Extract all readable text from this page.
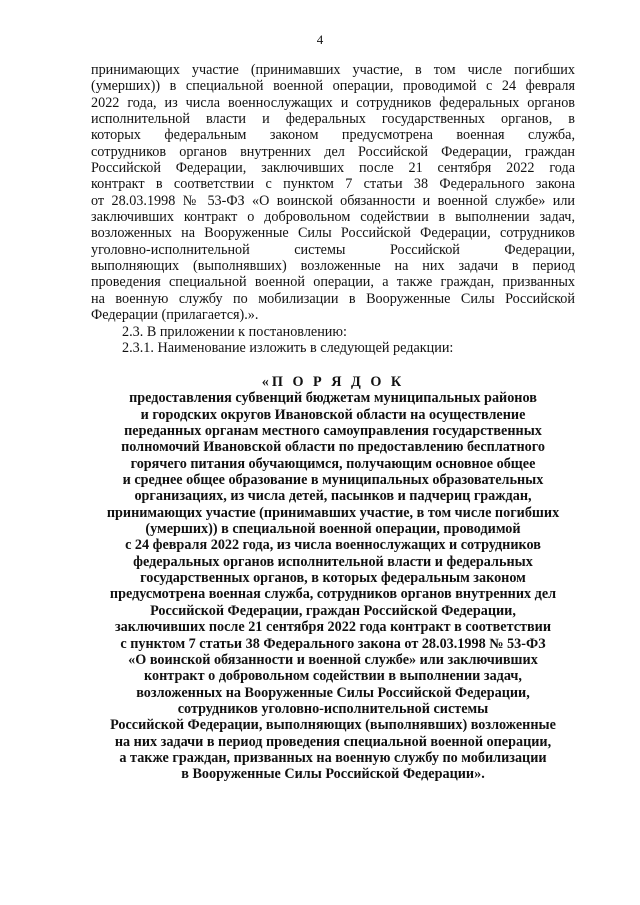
4
принимающих участие (принимавших участие, в том числе погибших
(умерших)) в специальной военной операции, проводимой с 24 февраля
2022 года, из числа военнослужащих и сотрудников федеральных органов
исполнительной власти и федеральных государственных органов, в
которых федеральным законом предусмотрена военная служба,
сотрудников органов внутренних дел Российской Федерации, граждан
Российской Федерации, заключивших после 21 сентября 2022 года
контракт в соответствии с пунктом 7 статьи 38 Федерального закона
от 28.03.1998 № 53-ФЗ «О воинской обязанности и военной службе» или
заключивших контракт о добровольном содействии в выполнении задач,
возложенных на Вооруженные Силы Российской Федерации, сотрудников
уголовно-исполнительной системы Российской Федерации,
выполняющих (выполнявших) возложенные на них задачи в период
проведения специальной военной операции, а также граждан, призванных
на военную службу по мобилизации в Вооруженные Силы Российской
Федерации (прилагается).».
2.3. В приложении к постановлению:
2.3.1. Наименование изложить в следующей редакции:
«П О Р Я Д О К
предоставления субвенций бюджетам муниципальных районов
и городских округов Ивановской области на осуществление
переданных органам местного самоуправления государственных
полномочий Ивановской области по предоставлению бесплатного
горячего питания обучающимся, получающим основное общее
и среднее общее образование в муниципальных образовательных
организациях, из числа детей, пасынков и падчериц граждан,
принимающих участие (принимавших участие, в том числе погибших
(умерших)) в специальной военной операции, проводимой
с 24 февраля 2022 года, из числа военнослужащих и сотрудников
федеральных органов исполнительной власти и федеральных
государственных органов, в которых федеральным законом
предусмотрена военная служба, сотрудников органов внутренних дел
Российской Федерации, граждан Российской Федерации,
заключивших после 21 сентября 2022 года контракт в соответствии
с пунктом 7 статьи 38 Федерального закона от 28.03.1998 № 53-ФЗ
«О воинской обязанности и военной службе» или заключивших
контракт о добровольном содействии в выполнении задач,
возложенных на Вооруженные Силы Российской Федерации,
сотрудников уголовно-исполнительной системы
Российской Федерации, выполняющих (выполнявших) возложенные
на них задачи в период проведения специальной военной операции,
а также граждан, призванных на военную службу по мобилизации
в Вооруженные Силы Российской Федерации».
